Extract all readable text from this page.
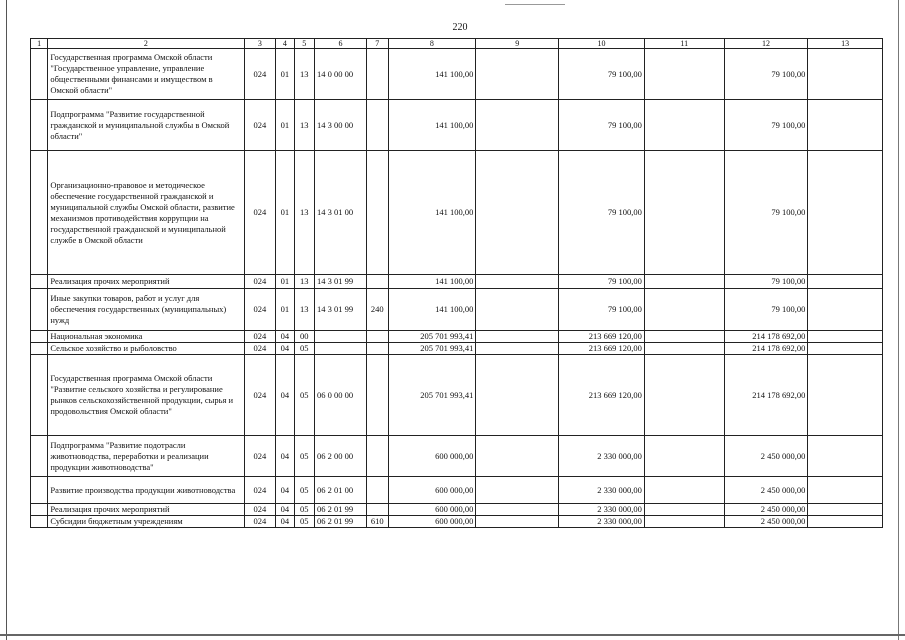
220
1	2	3	4	5	6	7	8	9	10	11	12	13
	Государственная программа Омской области "Государственное управление, управление общественными финансами и имуществом в Омской области"	024	01	13	14 0 00 00		141 100,00		79 100,00		79 100,00	
	Подпрограмма "Развитие государственной гражданской и муниципальной службы в Омской области"	024	01	13	14 3 00 00		141 100,00		79 100,00		79 100,00	
	Организационно-правовое и методическое обеспечение государственной гражданской и муниципальной службы Омской области, развитие механизмов противодействия коррупции на государственной гражданской и муниципальной службе в Омской области	024	01	13	14 3 01 00		141 100,00		79 100,00		79 100,00	
	Реализация прочих мероприятий	024	01	13	14 3 01 99		141 100,00		79 100,00		79 100,00	
	Иные закупки товаров, работ и услуг для обеспечения государственных (муниципальных) нужд	024	01	13	14 3 01 99	240	141 100,00		79 100,00		79 100,00	
	Национальная экономика	024	04	00			205 701 993,41		213 669 120,00		214 178 692,00	
	Сельское хозяйство и рыболовство	024	04	05			205 701 993,41		213 669 120,00		214 178 692,00	
	Государственная программа Омской области "Развитие сельского хозяйства и регулирование рынков сельскохозяйственной продукции, сырья и продовольствия Омской области"	024	04	05	06 0 00 00		205 701 993,41		213 669 120,00		214 178 692,00	
	Подпрограмма "Развитие подотрасли животноводства, переработки и реализации продукции животноводства"	024	04	05	06 2 00 00		600 000,00		2 330 000,00		2 450 000,00	
	Развитие производства продукции животноводства	024	04	05	06 2 01 00		600 000,00		2 330 000,00		2 450 000,00	
	Реализация прочих мероприятий	024	04	05	06 2 01 99		600 000,00		2 330 000,00		2 450 000,00	
	Субсидии бюджетным учреждениям	024	04	05	06 2 01 99	610	600 000,00		2 330 000,00		2 450 000,00	
